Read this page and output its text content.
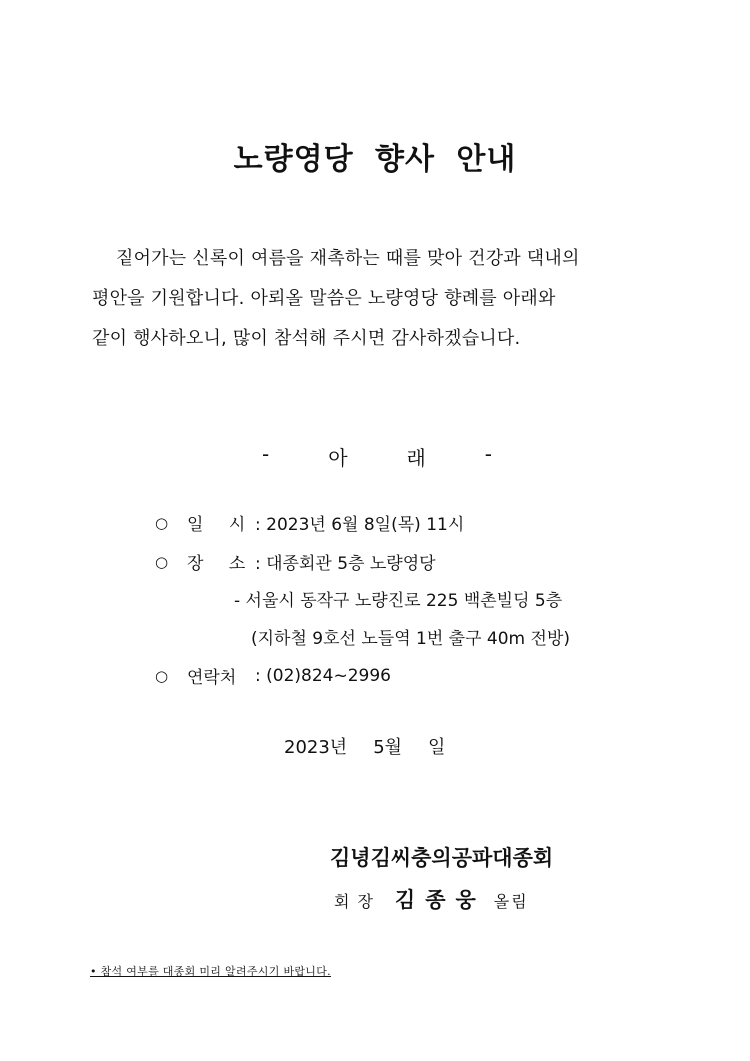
노량영당 향사 안내
짙어가는 신록이 여름을 재촉하는 때를 맞아 건강과 댁내의
평안을 기원합니다. 아뢰올 말씀은 노량영당 향례를 아래와
같이 행사하오니, 많이 참석해 주시면 감사하겠습니다.
-	아	래	-
○	일 시 : 2023년 6월 8일(목) 11시
○	장 소 : 대종회관 5층 노량영당
- 서울시 동작구 노량진로 225 백촌빌딩 5층
(지하철 9호선 노들역 1번 출구 40m 전방)
○	연락처	: (02)824~2996
2023년 5월 일
김녕김씨충의공파대종회
회장 김종웅 올림
• 참석 여부를 대종회 미리 알려주시기 바랍니다.
